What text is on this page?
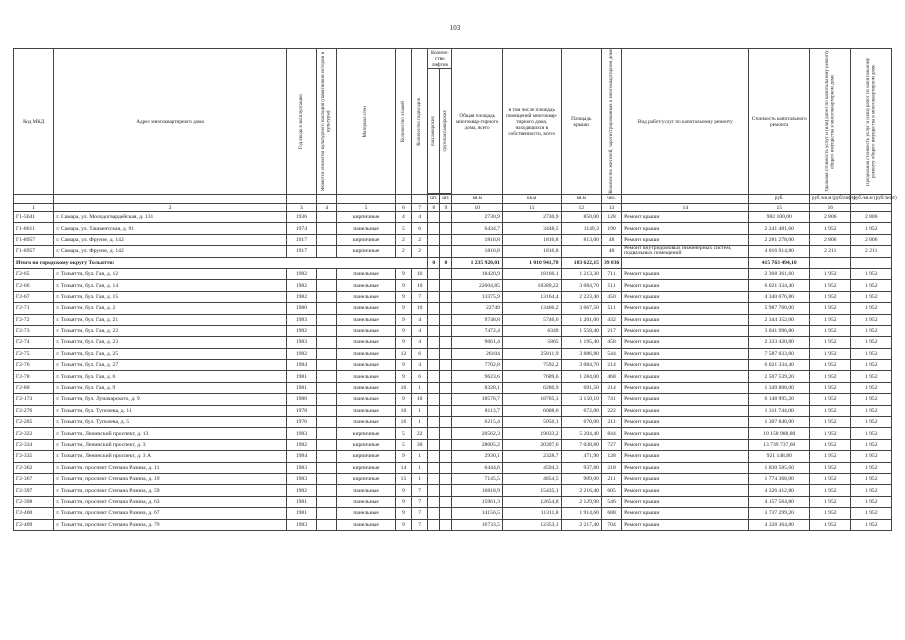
103
Код МКД	Адрес многоквартирного дома	Год ввода в эксплуатацию	Является объектом культурного наследия (памятником истории и культуры)	Материал стен	Количество этажей	Количество подъездов	Количе-ство лифтов		Общая площадь многоквар-тирного дома, всего	в том числе площадь помещений многоквар-тирного дома, находящихся в собственности, всего	Площадь крыши	Количество жителей, зарегистрированных в многоквартирном доме	Вид работ/услуг по капитальному ремонту	Стоимость капитального ремонта	Удельная стоимость услуг и (или) работ по капитальному ремонту общего имущества в многоквартирном доме	Предельная стоимость услуг и (или) работ по капитальному ремонту общего имущества в многоквартирном доме

							пассажирских	грузопассажирских								

							шт.	шт.	кв.м	кв.м	кв.м	чел.		руб.	руб./кв.м (руб/лифт)	руб./кв.м (руб/лифт)
1	2	3	4	5	6	7	8	9	10	11	12	13	14	15	16	
Г1-5641	г. Самара, ул. Молодогвардейская, д. 131	1936		кирпичные	4	4			2730,9	2730,9	850,00	128	Ремонт крыши	982 100,00	2 806	2 806
Г1-8611	г. Самара, ул. Ташкентская, д. 91	1974		панельные	5	6			6434,7	3448,5	1149,3	190	Ремонт крыши	2 241 481,60	1 952	1 952
Г1-8957	г. Самара, ул. Фрунзе, д. 142	1917		кирпичные	2	2			1816,8	1816,8	813,00	48	Ремонт крыши	2 281 278,00	2 806	2 806
Г1-8957	г. Самара, ул. Фрунзе, д. 142	1917		кирпичные	2	2			1816,8	1816,8		48	Ремонт внутридомовых инженерных систем, подвальных помещений	4 016 914,80	2 211	2 211
Итого по городскому округу Тольятти:							0	0	1 235 920,01	1 010 941,78	183 622,15	39 836		415 763 494,10		
Г2-65	г. Тольятти, бул. Гая, д. 12	1982		панельные	9	10			18420,9	18166,1	1 213,30	711	Ремонт крыши	2 368 361,60	1 952	1 952
Г2-66	г. Тольятти, бул. Гая, д. 14	1982		панельные	9	10			22604,85	18389,22	3 084,70	511	Ремонт крыши	6 021 334,40	1 952	1 952
Г2-67	г. Тольятти, бул. Гая, д. 15	1982		панельные	9	7			13375,9	13164,4	2 223,40	450	Ремонт крыши	4 340 076,80	1 952	1 952
Г2-71	г. Тольятти, бул. Гая, д. 2	1980		панельные	9	10			22749	13466,2	3 067,50	511	Ремонт крыши	5 987 760,00	1 952	1 952
Г2-72	г. Тольятти, бул. Гая, д. 21	1983		панельные	9	4			9748,8	5746,6	1 201,00	432	Ремонт крыши	2 344 352,00	1 952	1 952
Г2-73	г. Тольятти, бул. Гая, д. 22	1982		панельные	9	4			7472,4	6349	1 558,40	217	Ремонт крыши	3 041 996,80	1 952	1 952
Г2-74	г. Тольятти, бул. Гая, д. 23	1983		панельные	9	4			9661,4	5865	1 195,40	458	Ремонт крыши	2 333 420,80	1 952	1 952
Г2-75	г. Тольятти, бул. Гая, д. 25	1982		панельные	12	6			26104	25811,9	3 886,80	544	Ремонт крыши	7 587 033,60	1 952	1 952
Г2-76	г. Тольятти, бул. Гая, д. 27	1984		панельные	9	4			7702,8	7592,2	3 084,70	214	Ремонт крыши	6 021 334,40	1 952	1 952
Г2-78	г. Тольятти, бул. Гая, д. 6	1981		панельные	9	6			9623,6	7689,6	1 284,00	468	Ремонт крыши	2 507 539,20	1 952	1 952
Г2-80	г. Тольятти, бул. Гая, д. 9	1981		панельные	16	1			8328,1	6286,9	691,50	214	Ремонт крыши	1 349 808,00	1 952	1 952
Г2-173	г. Тольятти, бул. Луначарского, д. 9	1980		панельные	9	10			18576,7	18705,3	3 150,10	741	Ремонт крыши	6 148 995,20	1 952	1 952
Г2-276	г. Тольятти, бул. Туполева, д. 11	1978		панельные	16	1			8113,7	6008,6	672,00	222	Ремонт крыши	1 311 744,00	1 952	1 952
Г2-285	г. Тольятти, бул. Туполева, д. 5	1976		панельные	16	1			6215,4	5056,1	670,00	211	Ремонт крыши	1 307 840,00	1 952	1 952
Г2-322	г. Тольятти, Ленинский проспект, д. 13	1983		кирпичные	5	22			20562,3	19033,2	5 204,40	844	Ремонт крыши	10 158 988,80	1 952	1 952
Г2-334	г. Тольятти, Ленинский проспект, д. 3	1982		кирпичные	5	30			28005,2	20397,6	7 038,80	727	Ремонт крыши	13 739 737,60	1 952	1 952
Г2-335	г. Тольятти, Ленинский проспект, д. 3 А	1984		кирпичные	9	1			2930,1	2328,7	471,90	128	Ремонт крыши	921 148,80	1 952	1 952
Г2-362	г. Тольятти, проспект Степана Разина, д. 11	1983		кирпичные	14	1			6444,6	4594,3	937,80	218	Ремонт крыши	1 830 585,60	1 952	1 952
Г2-367	г. Тольятти, проспект Степана Разина, д. 19	1983		кирпичные	15	1			7145,5	4854,5	909,00	211	Ремонт крыши	1 774 368,00	1 952	1 952
Г2-397	г. Тольятти, проспект Степана Разина, д. 59	1982		панельные	9	7			16818,9	15435,1	2 216,40	605	Ремонт крыши	4 326 412,80	1 952	1 952
Г2-398	г. Тольятти, проспект Степана Разина, д. 63	1981		панельные	9	7			15961,3	12654,8	2 129,90	546	Ремонт крыши	4 157 564,80	1 952	1 952
Г2-400	г. Тольятти, проспект Степана Разина, д. 67	1981		панельные	9	7			14156,5	11311,8	1 914,60	688	Ремонт крыши	3 737 299,20	1 952	1 952
Г2-409	г. Тольятти, проспект Степана Разина, д. 79	1983		панельные	9	7			16733,5	12353,1	2 217,40	704	Ремонт крыши	4 328 364,80	1 952	1 952
